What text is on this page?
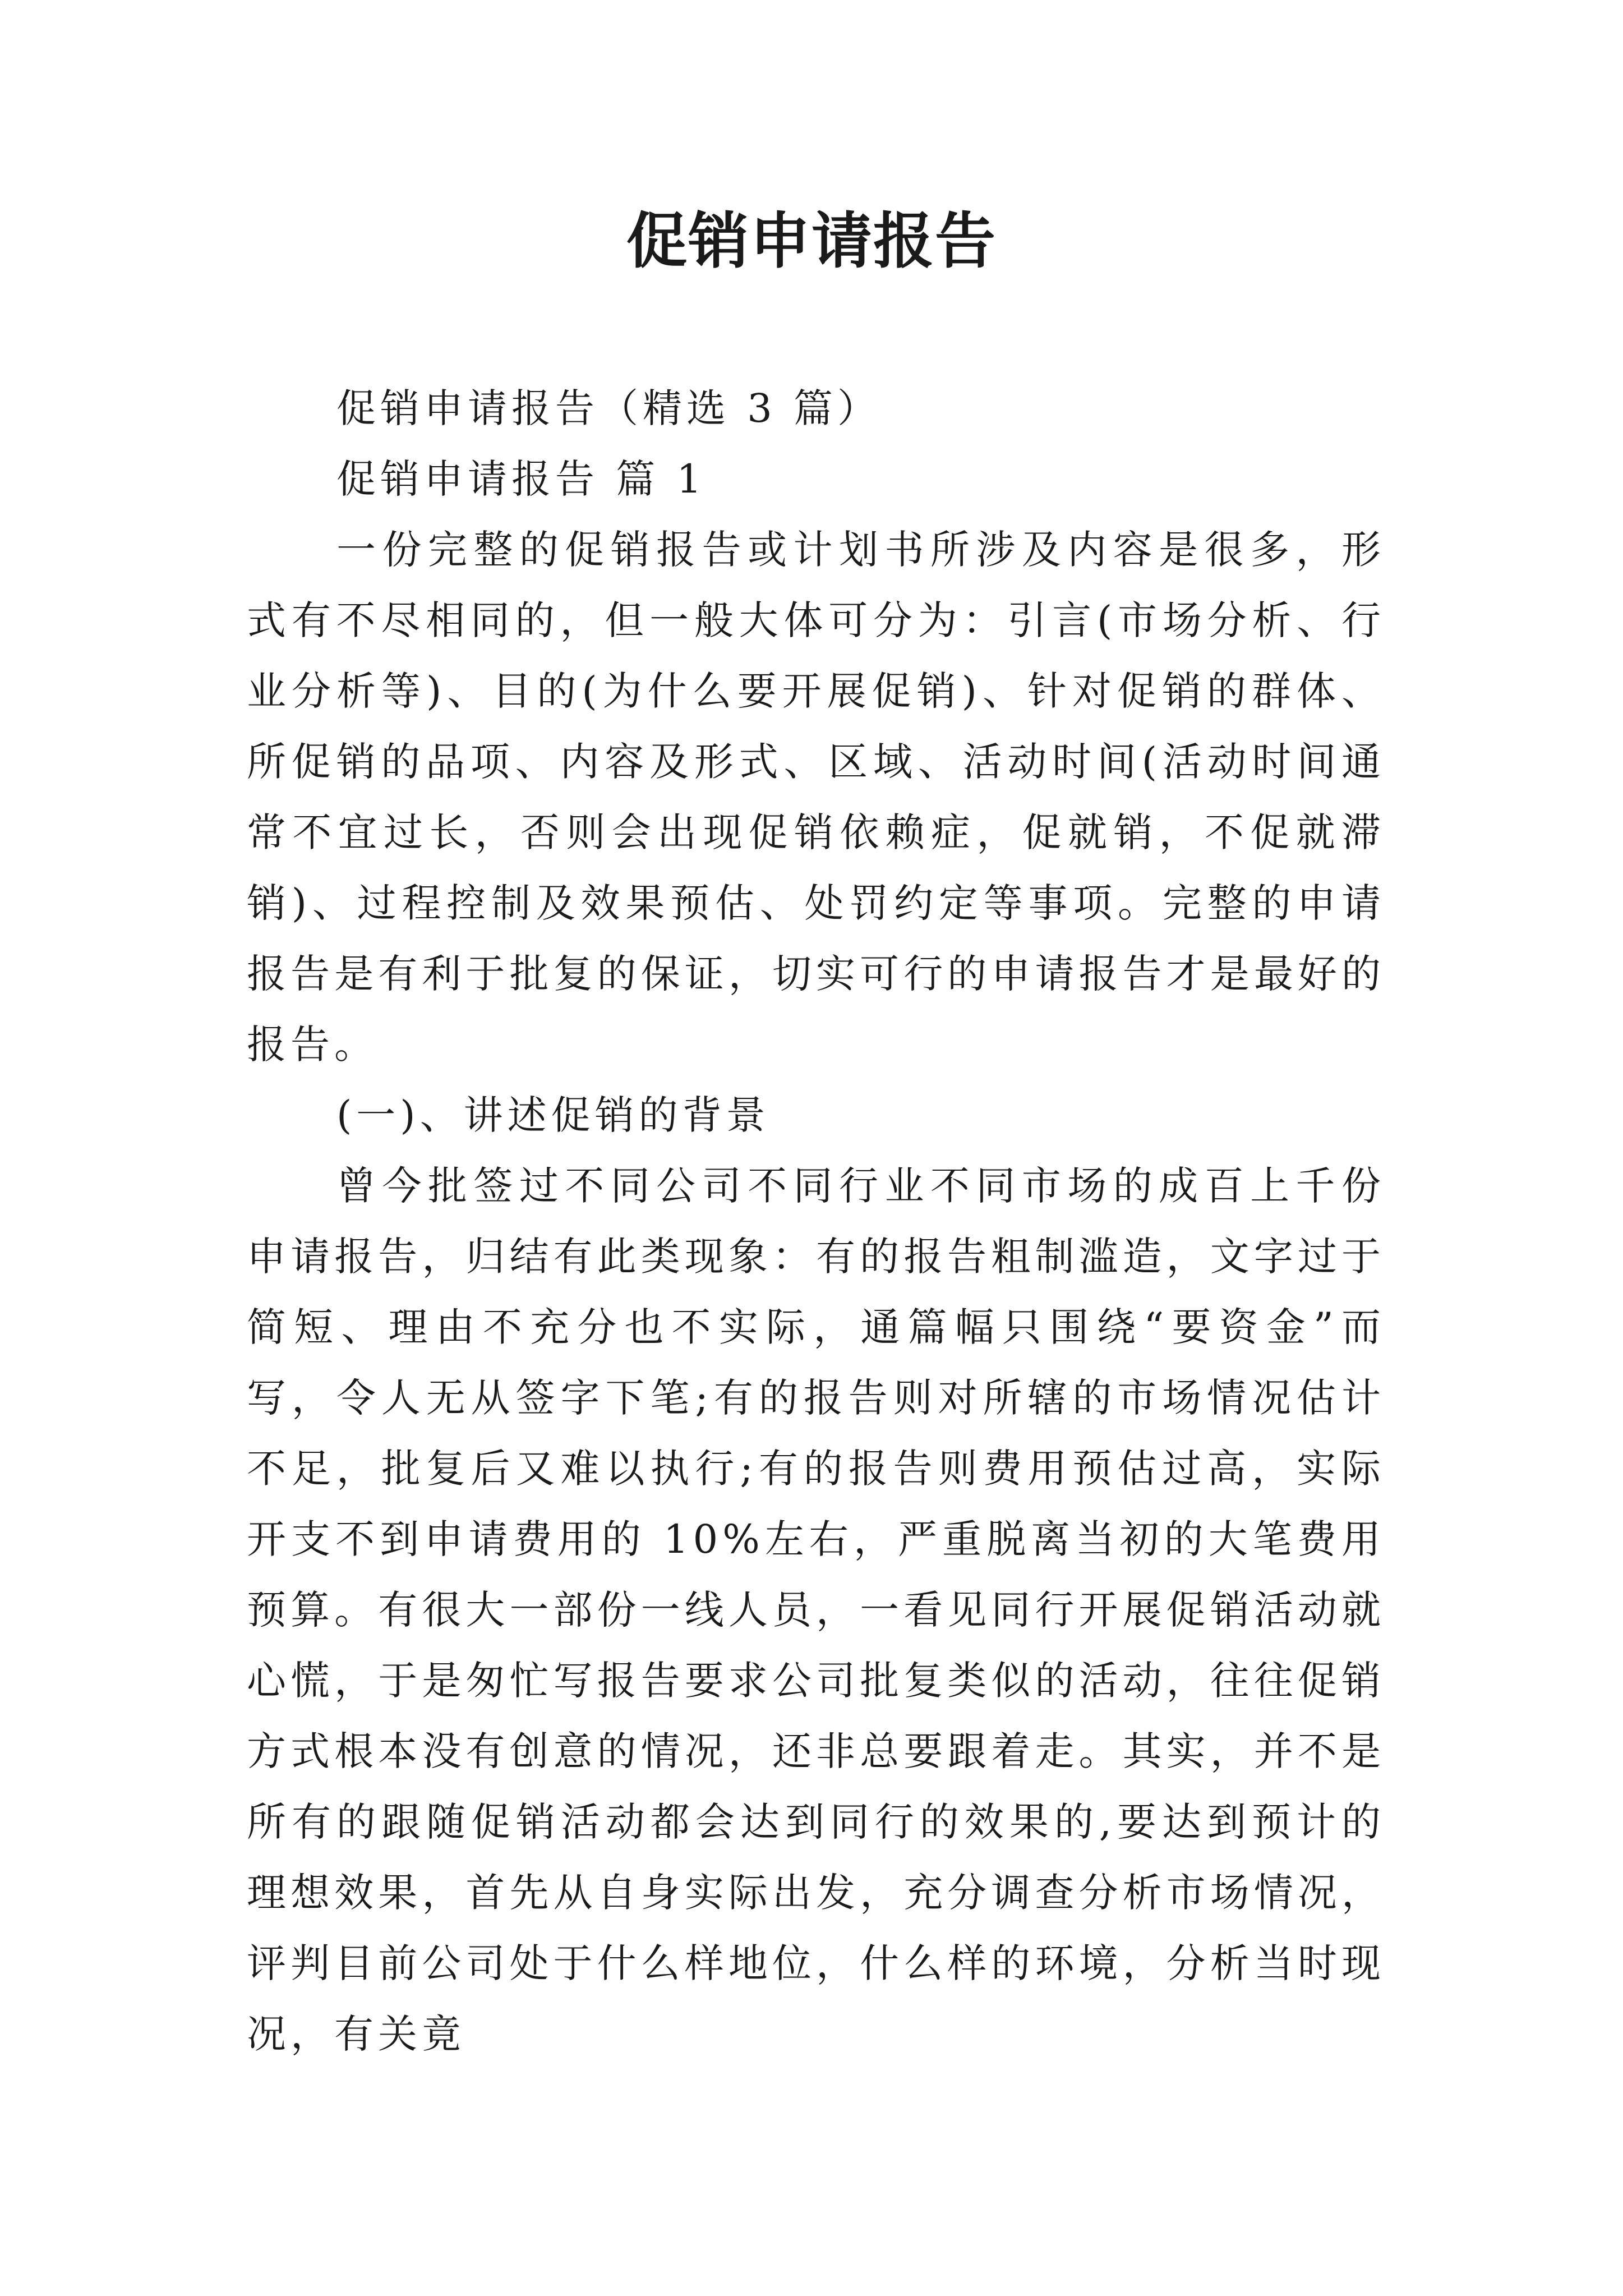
促销申请报告

促销申请报告（精选 3 篇）

促销申请报告 篇 1

一份完整的促销报告或计划书所涉及内容是很多，形式有不尽相同的，但一般大体可分为：引言(市场分析、行业分析等)、目的(为什么要开展促销)、针对促销的群体、所促销的品项、内容及形式、区域、活动时间(活动时间通常不宜过长，否则会出现促销依赖症，促就销，不促就滞销)、过程控制及效果预估、处罚约定等事项。完整的申请报告是有利于批复的保证，切实可行的申请报告才是最好的报告。

(一)、讲述促销的背景

曾今批签过不同公司不同行业不同市场的成百上千份申请报告，归结有此类现象：有的报告粗制滥造，文字过于简短、理由不充分也不实际，通篇幅只围绕“要资金”而写，令人无从签字下笔;有的报告则对所辖的市场情况估计不足，批复后又难以执行;有的报告则费用预估过高，实际开支不到申请费用的 10%左右，严重脱离当初的大笔费用预算。有很大一部份一线人员，一看见同行开展促销活动就心慌，于是匆忙写报告要求公司批复类似的活动，往往促销方式根本没有创意的情况，还非总要跟着走。其实，并不是所有的跟随促销活动都会达到同行的效果的,要达到预计的理想效果，首先从自身实际出发，充分调查分析市场情况，评判目前公司处于什么样地位，什么样的环境，分析当时现况，有关竟
